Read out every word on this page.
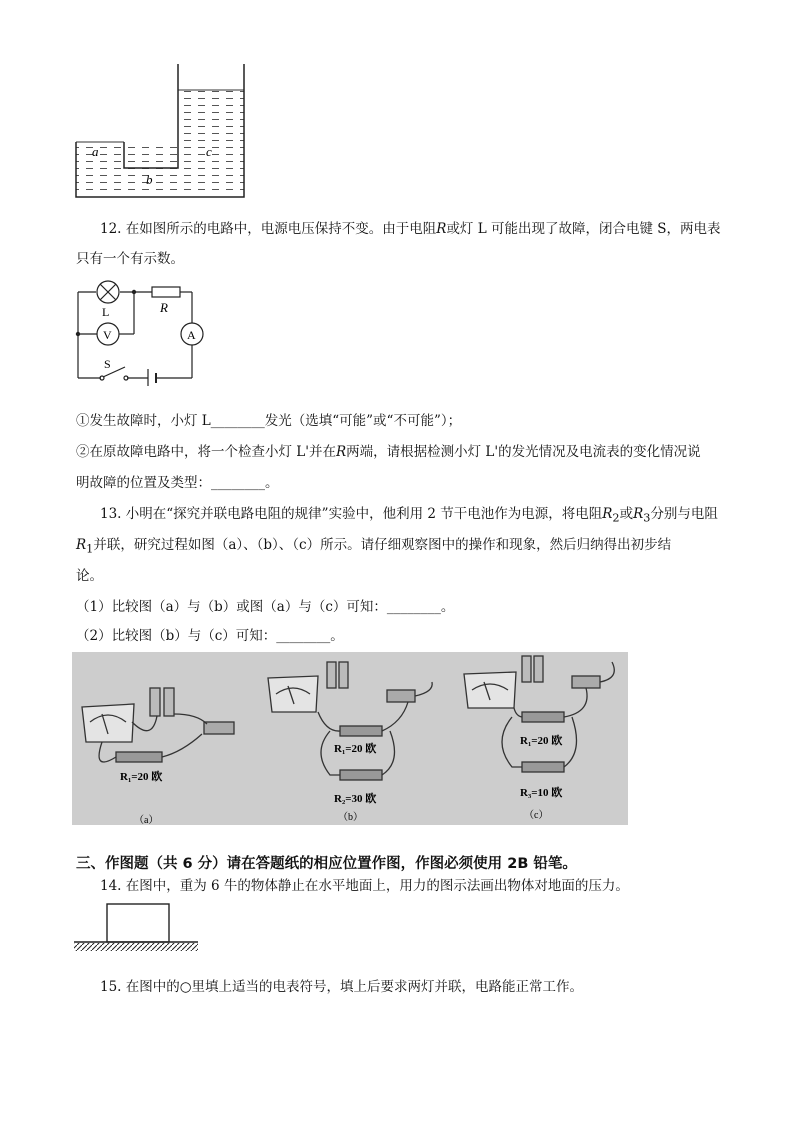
a
b
c
12. 在如图所示的电路中，电源电压保持不变。由于电阻R或灯 L 可能出现了故障，闭合电键 S，两电表
只有一个有示数。
L	R
V	A
S
①发生故障时，小灯 L________发光（选填“可能”或“不可能”）；
②在原故障电路中，将一个检查小灯 L'并在R两端，请根据检测小灯 L'的发光情况及电流表的变化情况说
明故障的位置及类型：________。
13. 小明在“探究并联电路电阻的规律”实验中，他利用 2 节干电池作为电源，将电阻$R_2$或$R_3$分别与电阻
$R_1$并联，研究过程如图（a）、（b）、（c）所示。请仔细观察图中的操作和现象，然后归纳得出初步结
论。
（1）比较图（a）与（b）或图（a）与（c）可知：________。
（2）比较图（b）与（c）可知：________。
R₁=20 欧
R₁=20 欧
R₂=30 欧
R₁=20 欧
R₃=10 欧
（a）	（b）	（c）
三、作图题（共 6 分）请在答题纸的相应位置作图，作图必须使用 2B 铅笔。
14. 在图中，重为 6 牛的物体静止在水平地面上，用力的图示法画出物体对地面的压力。
15. 在图中的○里填上适当的电表符号，填上后要求两灯并联，电路能正常工作。
